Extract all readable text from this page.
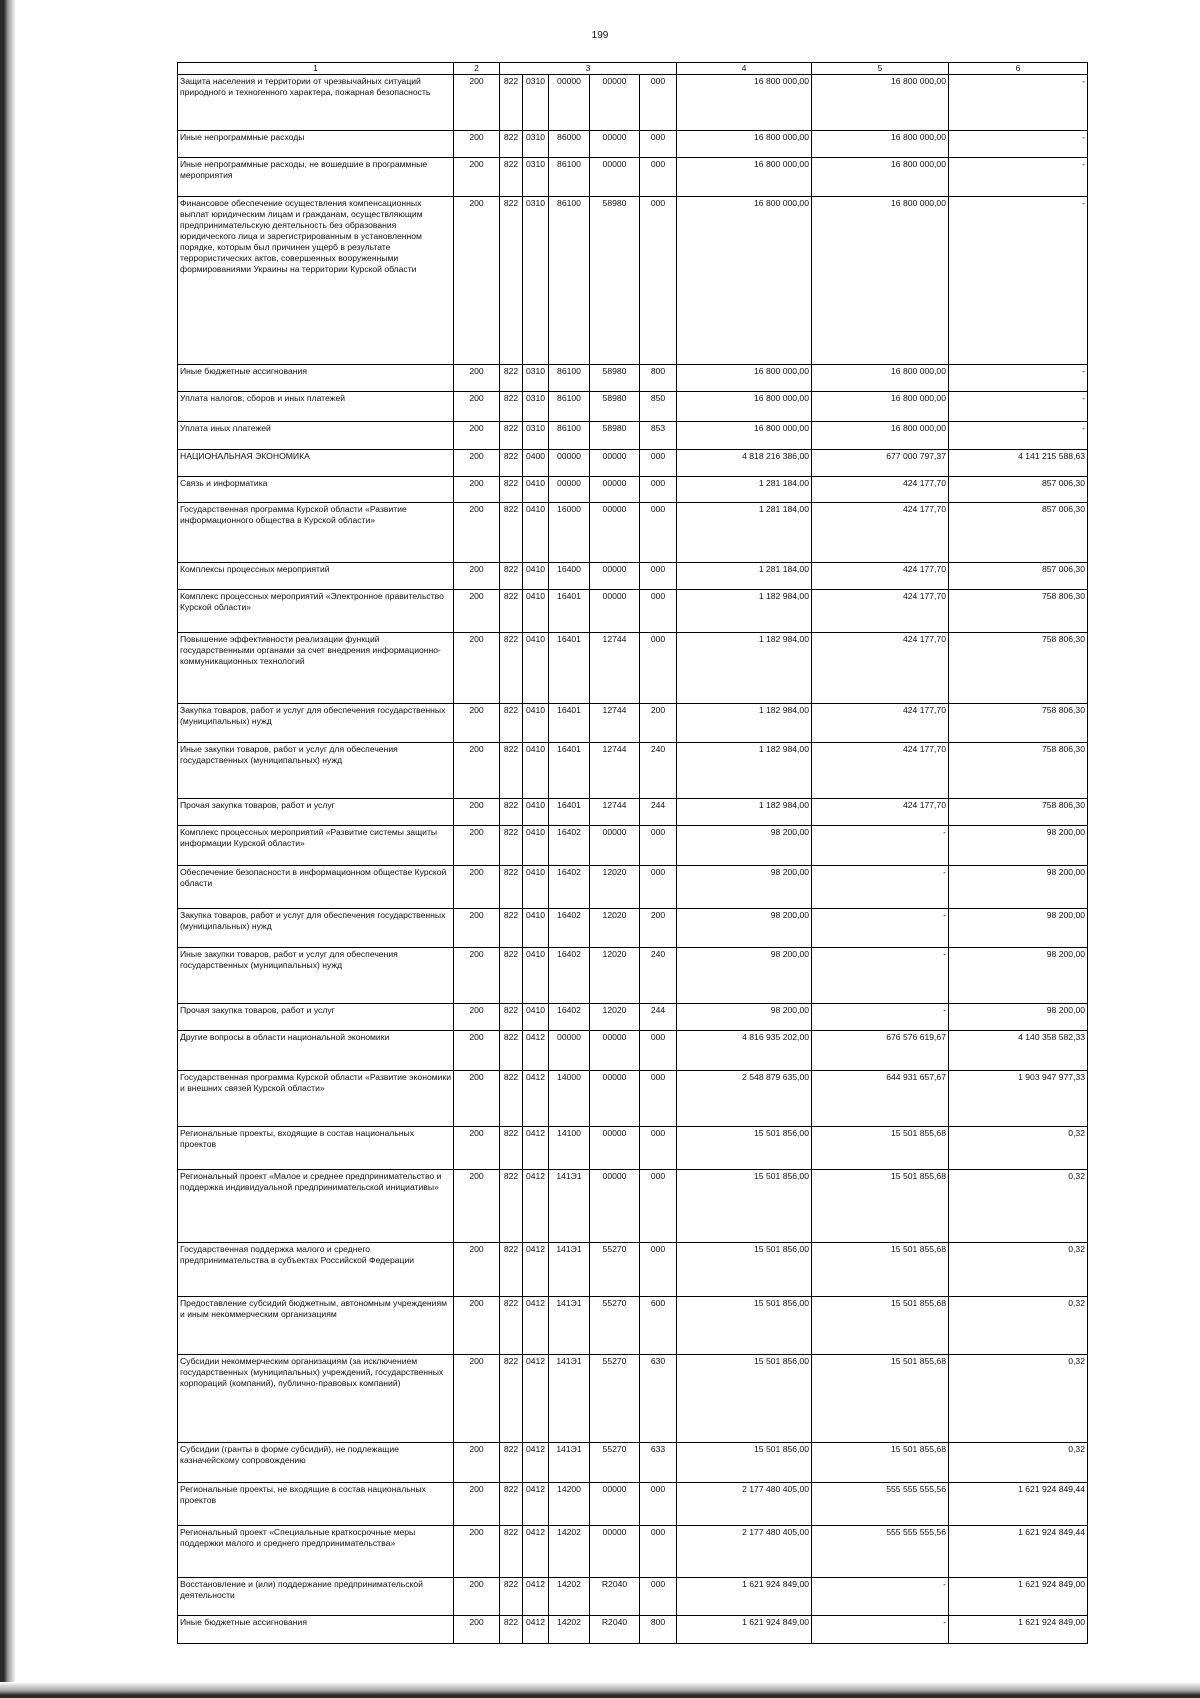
199
1	2	3					4	5	6
Защита населения и территории от чрезвычайных ситуаций природного и техногенного характера, пожарная безопасность	200	822	0310	00000	00000	000	16 800 000,00	16 800 000,00	-
Иные непрограммные расходы	200	822	0310	86000	00000	000	16 800 000,00	16 800 000,00	-
Иные непрограммные расходы, не вошедшие в программные мероприятия	200	822	0310	86100	00000	000	16 800 000,00	16 800 000,00	-
Финансовое обеспечение осуществления компенсационных выплат юридическим лицам и гражданам, осуществляющим предпринимательскую деятельность без образования юридического лица и зарегистрированным в установленном порядке, которым был причинен ущерб в результате террористических актов, совершенных вооруженными формированиями Украины на территории Курской области	200	822	0310	86100	58980	000	16 800 000,00	16 800 000,00	-
Иные бюджетные ассигнования	200	822	0310	86100	58980	800	16 800 000,00	16 800 000,00	-
Уплата налогов, сборов и иных платежей	200	822	0310	86100	58980	850	16 800 000,00	16 800 000,00	-
Уплата иных платежей	200	822	0310	86100	58980	853	16 800 000,00	16 800 000,00	-
НАЦИОНАЛЬНАЯ ЭКОНОМИКА	200	822	0400	00000	00000	000	4 818 216 386,00	677 000 797,37	4 141 215 588,63
Связь и информатика	200	822	0410	00000	00000	000	1 281 184,00	424 177,70	857 006,30
Государственная программа Курской области «Развитие информационного общества в Курской области»	200	822	0410	16000	00000	000	1 281 184,00	424 177,70	857 006,30
Комплексы процессных мероприятий	200	822	0410	16400	00000	000	1 281 184,00	424 177,70	857 006,30
Комплекс процессных мероприятий «Электронное правительство Курской области»	200	822	0410	16401	00000	000	1 182 984,00	424 177,70	758 806,30
Повышение эффективности реализации функций государственными органами за счет внедрения информационно-коммуникационных технологий	200	822	0410	16401	12744	000	1 182 984,00	424 177,70	758 806,30
Закупка товаров, работ и услуг для обеспечения государственных (муниципальных) нужд	200	822	0410	16401	12744	200	1 182 984,00	424 177,70	758 806,30
Иные закупки товаров, работ и услуг для обеспечения государственных (муниципальных) нужд	200	822	0410	16401	12744	240	1 182 984,00	424 177,70	758 806,30
Прочая закупка товаров, работ и услуг	200	822	0410	16401	12744	244	1 182 984,00	424 177,70	758 806,30
Комплекс процессных мероприятий «Развитие системы защиты информации Курской области»	200	822	0410	16402	00000	000	98 200,00	-	98 200,00
Обеспечение безопасности в информационном обществе Курской области	200	822	0410	16402	12020	000	98 200,00	-	98 200,00
Закупка товаров, работ и услуг для обеспечения государственных (муниципальных) нужд	200	822	0410	16402	12020	200	98 200,00	-	98 200,00
Иные закупки товаров, работ и услуг для обеспечения государственных (муниципальных) нужд	200	822	0410	16402	12020	240	98 200,00	-	98 200,00
Прочая закупка товаров, работ и услуг	200	822	0410	16402	12020	244	98 200,00	-	98 200,00
Другие вопросы в области национальной экономики	200	822	0412	00000	00000	000	4 816 935 202,00	676 576 619,67	4 140 358 582,33
Государственная программа Курской области «Развитие экономики и внешних связей Курской области»	200	822	0412	14000	00000	000	2 548 879 635,00	644 931 657,67	1 903 947 977,33
Региональные проекты, входящие в состав национальных проектов	200	822	0412	14100	00000	000	15 501 856,00	15 501 855,68	0,32
Региональный проект «Малое и среднее предпринимательство и поддержка индивидуальной предпринимательской инициативы»	200	822	0412	141Э1	00000	000	15 501 856,00	15 501 855,68	0,32
Государственная поддержка малого и среднего предпринимательства в субъектах Российской Федерации	200	822	0412	141Э1	55270	000	15 501 856,00	15 501 855,68	0,32
Предоставление субсидий бюджетным, автономным учреждениям и иным некоммерческим организациям	200	822	0412	141Э1	55270	600	15 501 856,00	15 501 855,68	0,32
Субсидии некоммерческим организациям (за исключением государственных (муниципальных) учреждений, государственных корпораций (компаний), публично-правовых компаний)	200	822	0412	141Э1	55270	630	15 501 856,00	15 501 855,68	0,32
Субсидии (гранты в форме субсидий), не подлежащие казначейскому сопровождению	200	822	0412	141Э1	55270	633	15 501 856,00	15 501 855,68	0,32
Региональные проекты, не входящие в состав национальных проектов	200	822	0412	14200	00000	000	2 177 480 405,00	555 555 555,56	1 621 924 849,44
Региональный проект «Специальные краткосрочные меры поддержки малого и среднего предпринимательства»	200	822	0412	14202	00000	000	2 177 480 405,00	555 555 555,56	1 621 924 849,44
Восстановление и (или) поддержание предпринимательской деятельности	200	822	0412	14202	R2040	000	1 621 924 849,00	-	1 621 924 849,00
Иные бюджетные ассигнования	200	822	0412	14202	R2040	800	1 621 924 849,00	-	1 621 924 849,00
